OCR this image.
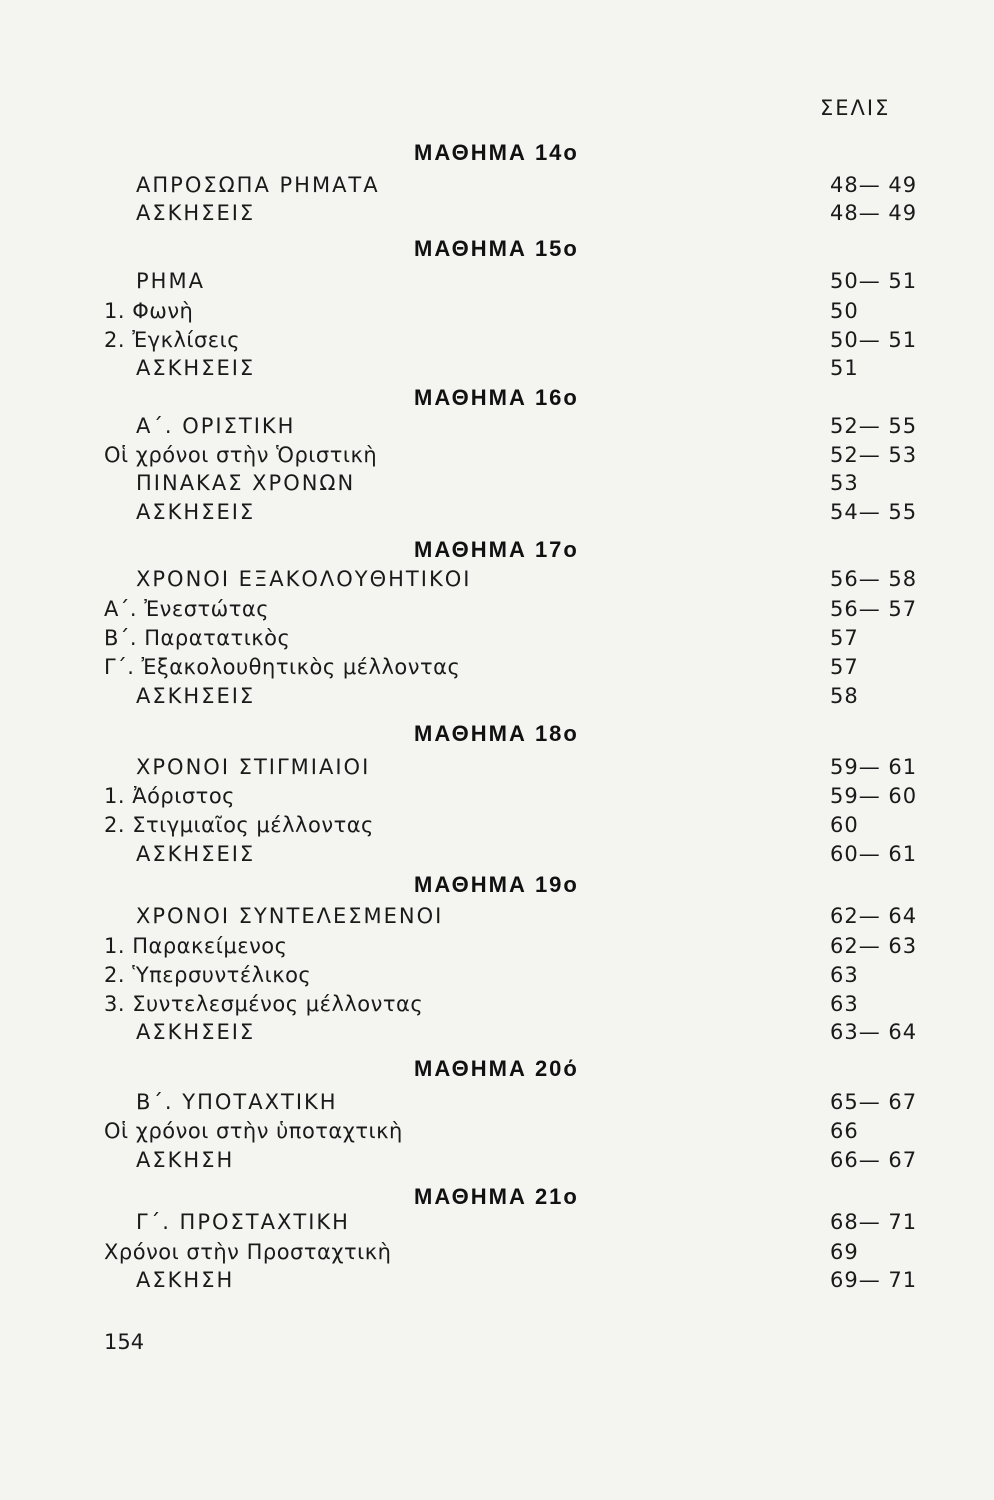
ΣΕΛΙΣ
ΜΑΘΗΜΑ 14ο
ΑΠΡΟΣΩΠΑ ΡΗΜΑΤΑ	48— 49
ΑΣΚΗΣΕΙΣ	48— 49
ΜΑΘΗΜΑ 15ο
ΡΗΜΑ	50— 51
1. Φωνὴ	50
2. Ἐγκλίσεις	50— 51
ΑΣΚΗΣΕΙΣ	51
ΜΑΘΗΜΑ 16ο
Α΄. ΟΡΙΣΤΙΚΗ	52— 55
Οἱ χρόνοι στὴν Ὁριστικὴ	52— 53
ΠΙΝΑΚΑΣ ΧΡΟΝΩΝ	53
ΑΣΚΗΣΕΙΣ	54— 55
ΜΑΘΗΜΑ 17ο
ΧΡΟΝΟΙ ΕΞΑΚΟΛΟΥΘΗΤΙΚΟΙ	56— 58
Α΄. Ἐνεστώτας	56— 57
Β΄. Παρατατικὸς	57
Γ΄. Ἐξακολουθητικὸς μέλλοντας	57
ΑΣΚΗΣΕΙΣ	58
ΜΑΘΗΜΑ 18ο
ΧΡΟΝΟΙ ΣΤΙΓΜΙΑΙΟΙ	59— 61
1. Ἀόριστος	59— 60
2. Στιγμιαῖος μέλλοντας	60
ΑΣΚΗΣΕΙΣ	60— 61
ΜΑΘΗΜΑ 19ο
ΧΡΟΝΟΙ ΣΥΝΤΕΛΕΣΜΕΝΟΙ	62— 64
1. Παρακείμενος	62— 63
2. Ὑπερσυντέλικος	63
3. Συντελεσμένος μέλλοντας	63
ΑΣΚΗΣΕΙΣ	63— 64
ΜΑΘΗΜΑ 20ό
Β΄. ΥΠΟΤΑΧΤΙΚΗ	65— 67
Οἱ χρόνοι στὴν ὑποταχτικὴ	66
ΑΣΚΗΣΗ	66— 67
ΜΑΘΗΜΑ 21ο
Γ΄. ΠΡΟΣΤΑΧΤΙΚΗ	68— 71
Χρόνοι στὴν Προσταχτικὴ	69
ΑΣΚΗΣΗ	69— 71
154
